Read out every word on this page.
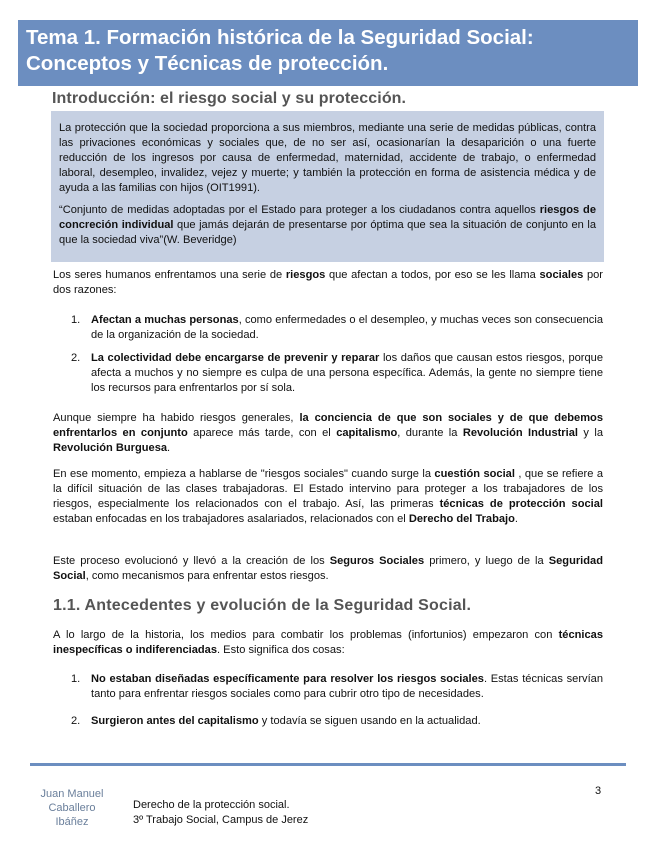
Tema 1. Formación histórica de la Seguridad Social:
Conceptos y Técnicas de protección.
Introducción: el riesgo social y su protección.

La protección que la sociedad proporciona a sus miembros, mediante una serie de medidas públicas, contra las privaciones económicas y sociales que, de no ser así, ocasionarían la desaparición o una fuerte reducción de los ingresos por causa de enfermedad, maternidad, accidente de trabajo, o enfermedad laboral, desempleo, invalidez, vejez y muerte; y también la protección en forma de asistencia médica y de ayuda a las familias con hijos (OIT1991).

“Conjunto de medidas adoptadas por el Estado para proteger a los ciudadanos contra aquellos riesgos de concreción individual que jamás dejarán de presentarse por óptima que sea la situación de conjunto en la que la sociedad viva”(W. Beveridge)

Los seres humanos enfrentamos una serie de riesgos que afectan a todos, por eso se les llama sociales por dos razones:

1. Afectan a muchas personas, como enfermedades o el desempleo, y muchas veces son consecuencia de la organización de la sociedad.
2. La colectividad debe encargarse de prevenir y reparar los daños que causan estos riesgos, porque afecta a muchos y no siempre es culpa de una persona específica. Además, la gente no siempre tiene los recursos para enfrentarlos por sí sola.

Aunque siempre ha habido riesgos generales, la conciencia de que son sociales y de que debemos enfrentarlos en conjunto aparece más tarde, con el capitalismo, durante la Revolución Industrial y la Revolución Burguesa.

En ese momento, empieza a hablarse de "riesgos sociales" cuando surge la cuestión social , que se refiere a la difícil situación de las clases trabajadoras. El Estado intervino para proteger a los trabajadores de los riesgos, especialmente los relacionados con el trabajo. Así, las primeras técnicas de protección social estaban enfocadas en los trabajadores asalariados, relacionados con el Derecho del Trabajo.

Este proceso evolucionó y llevó a la creación de los Seguros Sociales primero, y luego de la Seguridad Social, como mecanismos para enfrentar estos riesgos.

1.1. Antecedentes y evolución de la Seguridad Social.

A lo largo de la historia, los medios para combatir los problemas (infortunios) empezaron con técnicas inespecíficas o indiferenciadas. Esto significa dos cosas:

1. No estaban diseñadas específicamente para resolver los riesgos sociales. Estas técnicas servían tanto para enfrentar riesgos sociales como para cubrir otro tipo de necesidades.
2. Surgieron antes del capitalismo y todavía se siguen usando en la actualidad.
Juan Manuel
Caballero
Ibáñez
Derecho de la protección social.
3º Trabajo Social, Campus de Jerez
3
